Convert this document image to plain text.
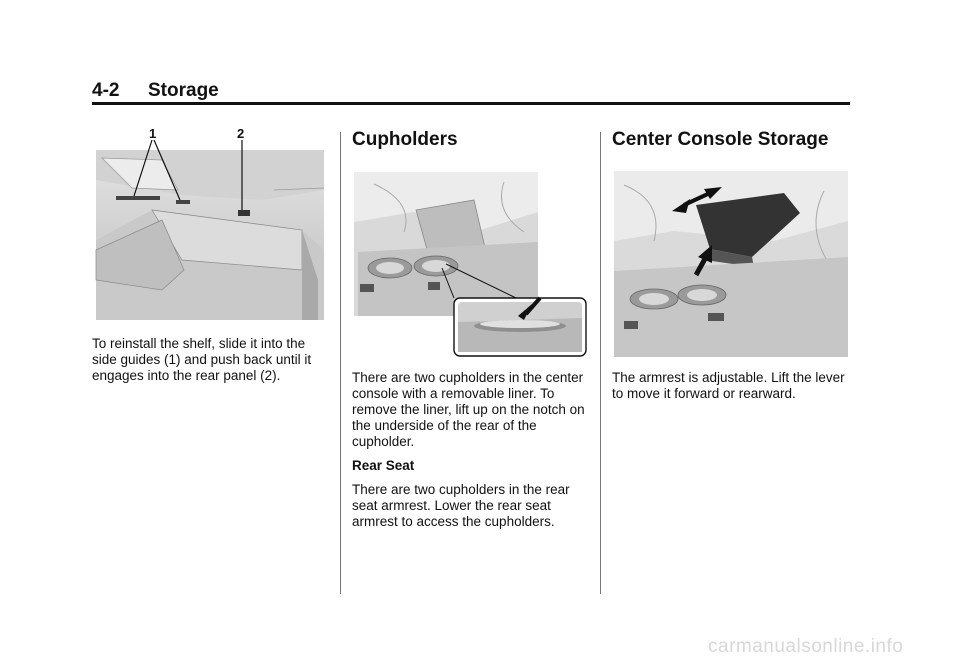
4-2 Storage
1	2

To reinstall the shelf, slide it into the side guides (1) and push back until it engages into the rear panel (2).

Cupholders

There are two cupholders in the center console with a removable liner. To remove the liner, lift up on the notch on the underside of the rear of the cupholder.

Rear Seat

There are two cupholders in the rear seat armrest. Lower the rear seat armrest to access the cupholders.

Center Console Storage

The armrest is adjustable. Lift the lever to move it forward or rearward.

carmanualsonline.info
